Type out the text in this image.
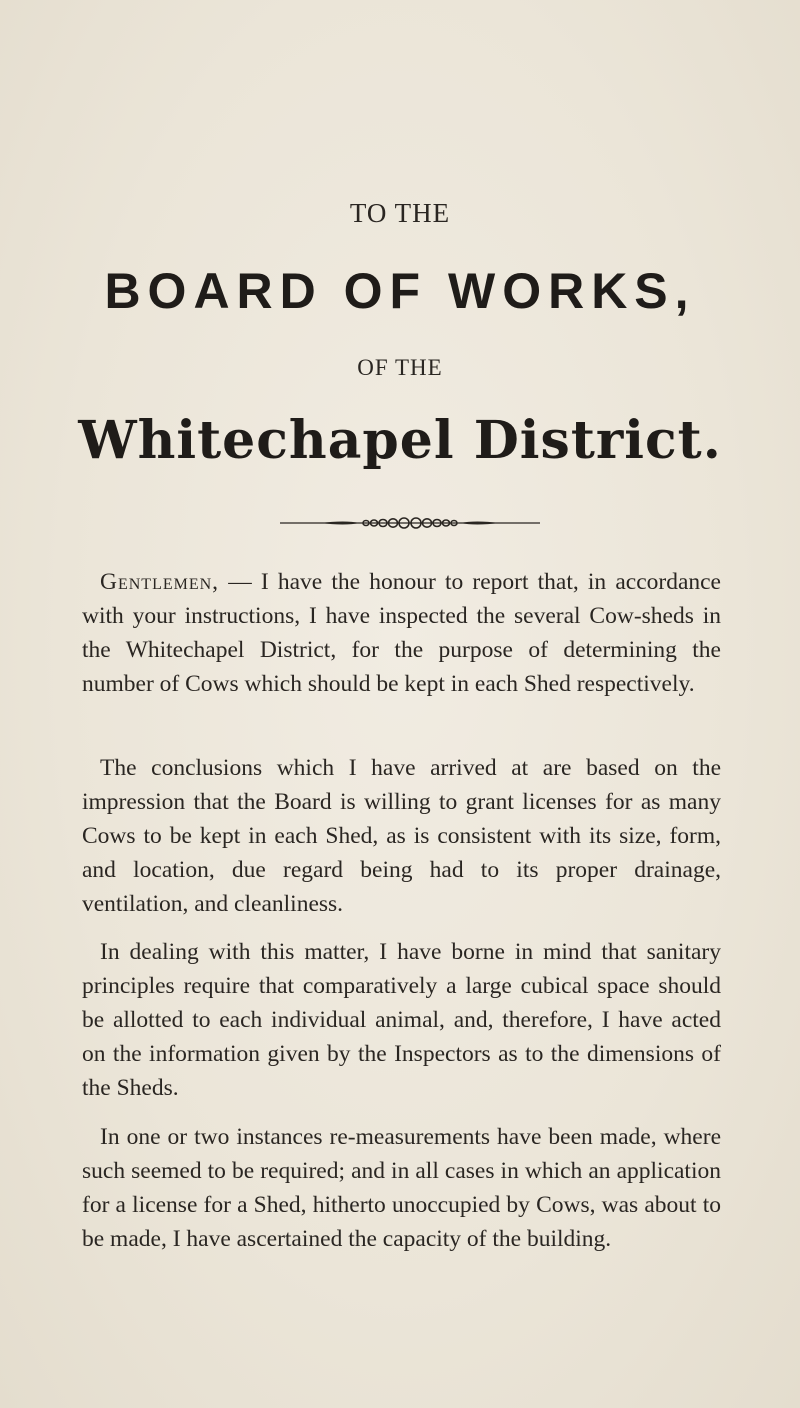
TO THE
BOARD OF WORKS,
OF THE
Whitechapel District.
Gentlemen, — I have the honour to report that, in accordance with your instructions, I have inspected the several Cow-sheds in the Whitechapel District, for the purpose of determining the number of Cows which should be kept in each Shed respectively.
The conclusions which I have arrived at are based on the impression that the Board is willing to grant licenses for as many Cows to be kept in each Shed, as is consistent with its size, form, and location, due regard being had to its proper drainage, ventilation, and cleanliness.
In dealing with this matter, I have borne in mind that sanitary principles require that comparatively a large cubical space should be allotted to each individual animal, and, therefore, I have acted on the information given by the Inspectors as to the dimensions of the Sheds.
In one or two instances re-measurements have been made, where such seemed to be required; and in all cases in which an application for a license for a Shed, hitherto unoccupied by Cows, was about to be made, I have ascertained the capacity of the building.
